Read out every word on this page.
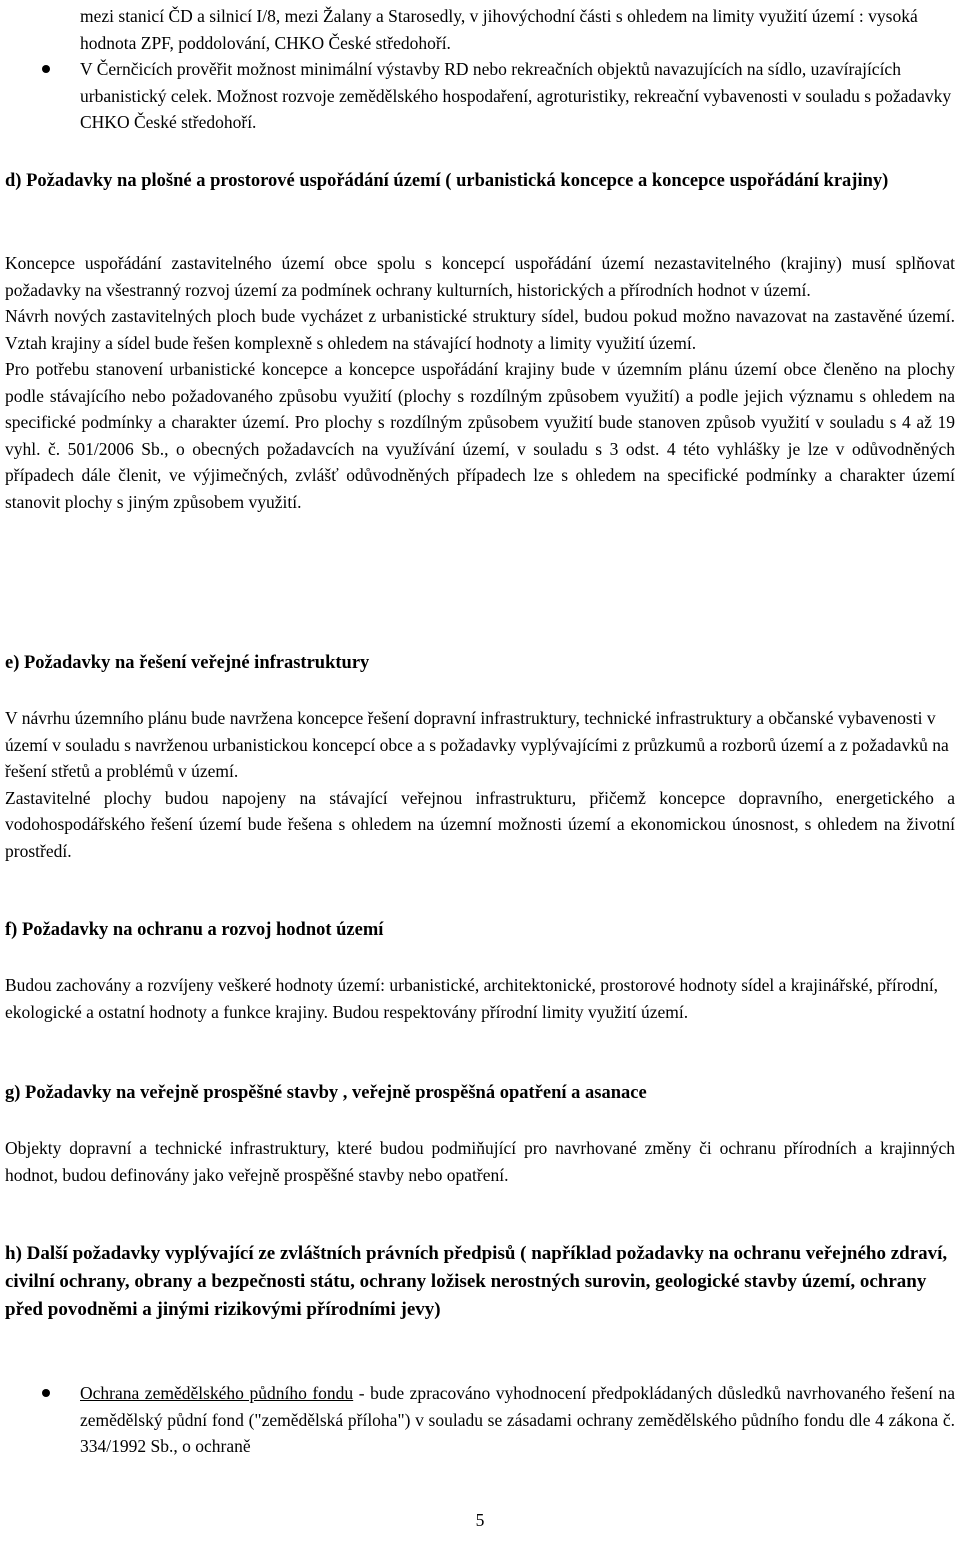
mezi stanicí ČD a silnicí I/8, mezi Žalany a Starosedly, v jihovýchodní části s ohledem na limity využití území : vysoká hodnota ZPF, poddolování, CHKO České středohoří.
V Černčicích prověřit možnost minimální výstavby RD nebo rekreačních objektů navazujících na sídlo, uzavírajících urbanistický celek. Možnost rozvoje zemědělského hospodaření, agroturistiky, rekreační vybavenosti v souladu s požadavky CHKO České středohoří.
d) Požadavky na plošné a prostorové uspořádání území ( urbanistická koncepce a koncepce uspořádání krajiny)

Koncepce uspořádání zastavitelného území obce spolu s koncepcí uspořádání území nezastavitelného (krajiny) musí splňovat požadavky na všestranný rozvoj území za podmínek ochrany kulturních, historických a přírodních hodnot v území.

Návrh nových zastavitelných ploch bude vycházet z urbanistické struktury sídel, budou pokud možno navazovat na zastavěné území. Vztah krajiny a sídel bude řešen komplexně s ohledem na stávající hodnoty a limity využití území.

Pro potřebu stanovení urbanistické koncepce a koncepce uspořádání krajiny bude v územním plánu území obce členěno na plochy podle stávajícího nebo požadovaného způsobu využití (plochy s rozdílným způsobem využití) a podle jejich významu s ohledem na specifické podmínky a charakter území. Pro plochy s rozdílným způsobem využití bude stanoven způsob využití v souladu s 4 až 19 vyhl. č. 501/2006 Sb., o obecných požadavcích na využívání území, v souladu s 3 odst. 4 této vyhlášky je lze v odůvodněných případech dále členit, ve výjimečných, zvlášť odůvodněných případech lze s ohledem na specifické podmínky a charakter území stanovit plochy s jiným způsobem využití.

e) Požadavky na řešení veřejné infrastruktury

V návrhu územního plánu bude navržena koncepce řešení dopravní infrastruktury, technické infrastruktury a občanské vybavenosti v území v souladu s navrženou urbanistickou koncepcí obce a s požadavky vyplývajícími z průzkumů a rozborů území a z požadavků na řešení střetů a problémů v území.

Zastavitelné plochy budou napojeny na stávající veřejnou infrastrukturu, přičemž koncepce dopravního, energetického a vodohospodářského řešení území bude řešena s ohledem na územní možnosti území a ekonomickou únosnost, s ohledem na životní prostředí.

f) Požadavky na ochranu a rozvoj hodnot území

Budou zachovány a rozvíjeny veškeré hodnoty území: urbanistické, architektonické, prostorové hodnoty sídel a krajinářské, přírodní, ekologické a ostatní hodnoty a funkce krajiny. Budou respektovány přírodní limity využití území.

g) Požadavky na veřejně prospěšné stavby , veřejně prospěšná opatření a asanace

Objekty dopravní a technické infrastruktury, které budou podmiňující pro navrhované změny či ochranu přírodních a krajinných hodnot, budou definovány jako veřejně prospěšné stavby nebo opatření.

h) Další požadavky vyplývající ze zvláštních právních předpisů ( například požadavky na ochranu veřejného zdraví, civilní ochrany, obrany a bezpečnosti státu, ochrany ložisek nerostných surovin, geologické stavby území, ochrany před povodněmi a jinými rizikovými přírodními jevy)
Ochrana zemědělského půdního fondu - bude zpracováno vyhodnocení předpokládaných důsledků navrhovaného řešení na zemědělský půdní fond ("zemědělská příloha") v souladu se zásadami ochrany zemědělského půdního fondu dle 4 zákona č. 334/1992 Sb., o ochraně
5
